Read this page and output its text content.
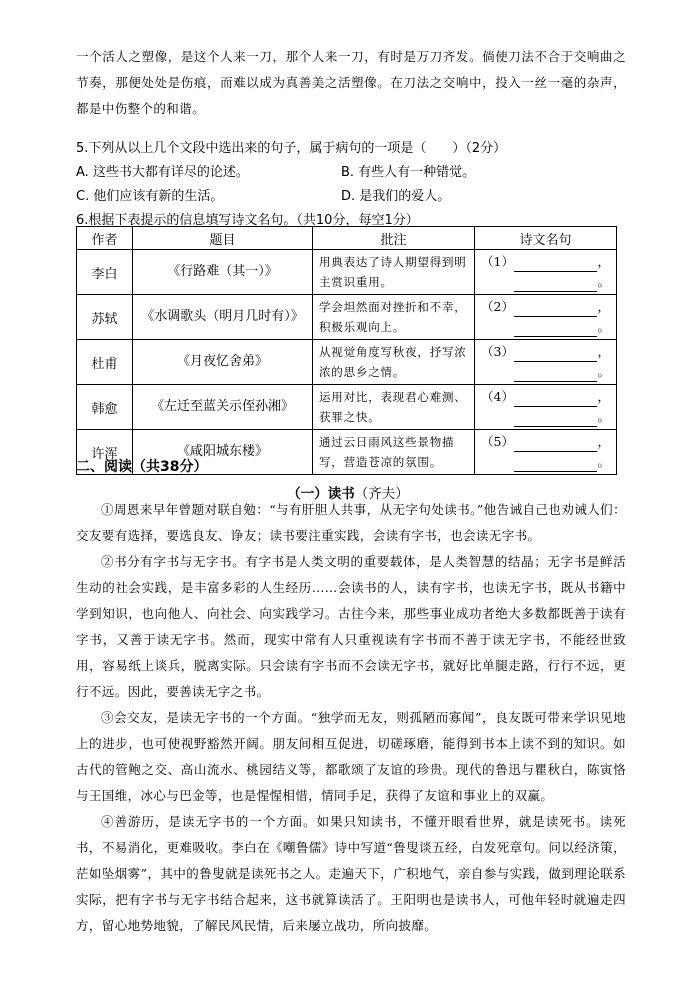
一个活人之塑像，是这个人来一刀，那个人来一刀，有时是万刀齐发。倘使刀法不合于交响曲之节奏，那便处处是伤痕，而难以成为真善美之活塑像。在刀法之交响中，投入一丝一毫的杂声，都是中伤整个的和谐。

5.下列从以上几个文段中选出来的句子，属于病句的一项是（　　）（2分）

A. 这些书大都有详尽的论述。	B. 有些人有一种错觉。
C. 他们应该有新的生活。	D. 是我们的爱人。

6.根据下表提示的信息填写诗文名句。（共10分，每空1分）

作者	题目	批注	诗文名句
李白	《行路难（其一）》	用典表达了诗人期望得到明主赏识重用。	（1） ，
。

苏轼	《水调歌头（明月几时有）》	学会坦然面对挫折和不幸，积极乐观向上。	（2） ，
。

杜甫	《月夜忆舍弟》	从视觉角度写秋夜，抒写浓浓的思乡之情。	（3） ，
。

韩愈	《左迁至蓝关示侄孙湘》	运用对比，表现君心难测、获罪之快。	（4） ，
。

许浑	《咸阳城东楼》	通过云日雨风这些景物描写，营造苍凉的氛围。	（5） ，
。
二、阅读（共38分）
（一）读书（齐夫）

①周恩来早年曾题对联自勉：“与有肝胆人共事，从无字句处读书。”他告诫自己也劝诫人们：交友要有选择，要选良友、诤友；读书要注重实践，会读有字书，也会读无字书。

②书分有字书与无字书。有字书是人类文明的重要载体，是人类智慧的结晶；无字书是鲜活生动的社会实践，是丰富多彩的人生经历……会读书的人，读有字书，也读无字书，既从书籍中学到知识，也向他人、向社会、向实践学习。古往今来，那些事业成功者绝大多数都既善于读有字书，又善于读无字书。然而，现实中常有人只重视读有字书而不善于读无字书，不能经世致用，容易纸上谈兵，脱离实际。只会读有字书而不会读无字书，就好比单腿走路，行行不远，更行不远。因此，要善读无字之书。

③会交友，是读无字书的一个方面。“独学而无友，则孤陋而寡闻”，良友既可带来学识见地上的进步，也可使视野豁然开阔。朋友间相互促进，切磋琢磨，能得到书本上读不到的知识。如古代的管鲍之交、高山流水、桃园结义等，都歌颂了友谊的珍贵。现代的鲁迅与瞿秋白，陈寅恪与王国维，冰心与巴金等，也是惺惺相惜，情同手足，获得了友谊和事业上的双赢。

④善游历，是读无字书的一个方面。如果只知读书，不懂开眼看世界，就是读死书。读死书，不易消化，更难吸收。李白在《嘲鲁儒》诗中写道“鲁叟谈五经，白发死章句。问以经济策，茫如坠烟雾”，其中的鲁叟就是读死书之人。走遍天下，广积地气，亲自参与实践，做到理论联系实际，把有字书与无字书结合起来，这书就算读活了。王阳明也是读书人，可他年轻时就遍走四方，留心地势地貌，了解民风民情，后来屡立战功，所向披靡。
